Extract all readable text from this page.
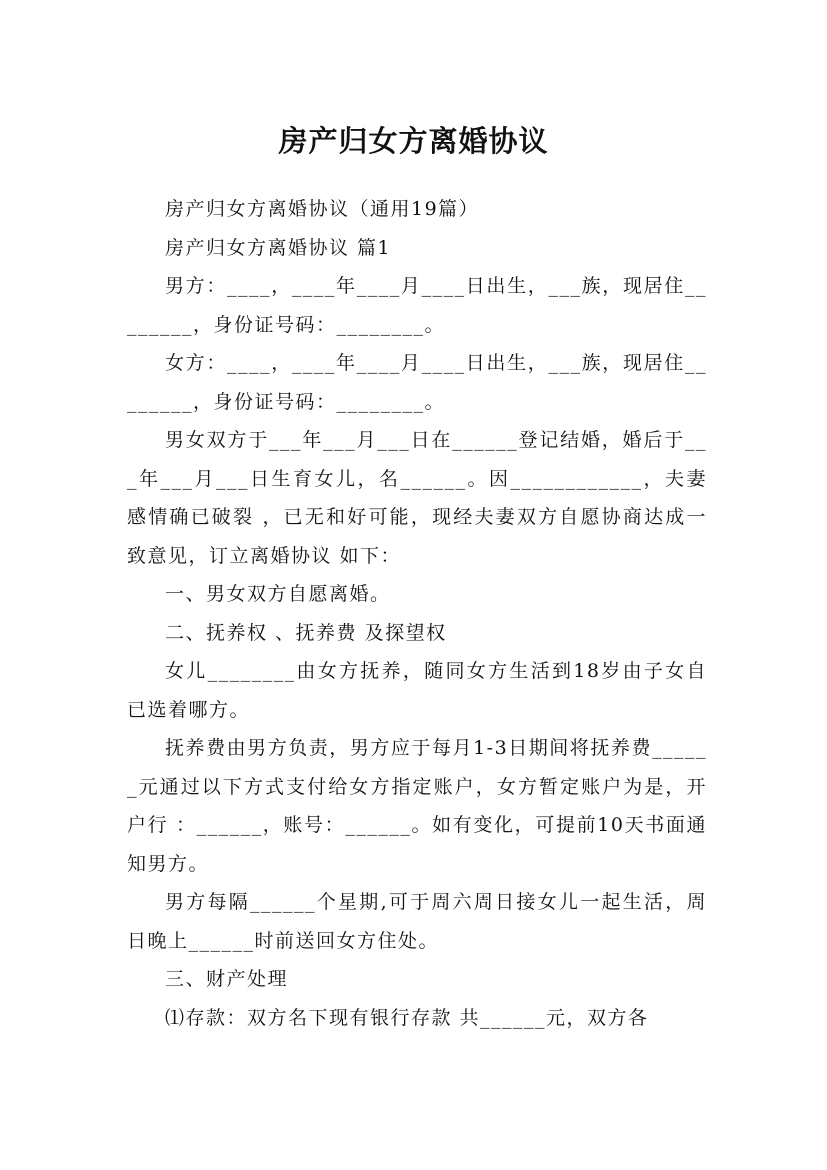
房产归女方离婚协议

房产归女方离婚协议（通用19篇）

房产归女方离婚协议 篇1

男方：____，____年____月____日出生，___族，现居住________，身份证号码：________。

女方：____，____年____月____日出生，___族，现居住________，身份证号码：________。

男女双方于___年___月___日在______登记结婚，婚后于___年___月___日生育女儿，名______。因____________，夫妻感情确已破裂 ，已无和好可能，现经夫妻双方自愿协商达成一致意见，订立离婚协议 如下：

一、男女双方自愿离婚。

二、抚养权 、抚养费 及探望权

女儿________由女方抚养，随同女方生活到18岁由子女自已选着哪方。

抚养费由男方负责，男方应于每月1-3日期间将抚养费______元通过以下方式支付给女方指定账户，女方暂定账户为是，开户行 ：______，账号：______。如有变化，可提前10天书面通知男方。

男方每隔______个星期,可于周六周日接女儿一起生活，周日晚上______时前送回女方住处。

三、财产处理

⑴存款：双方名下现有银行存款 共______元，双方各
